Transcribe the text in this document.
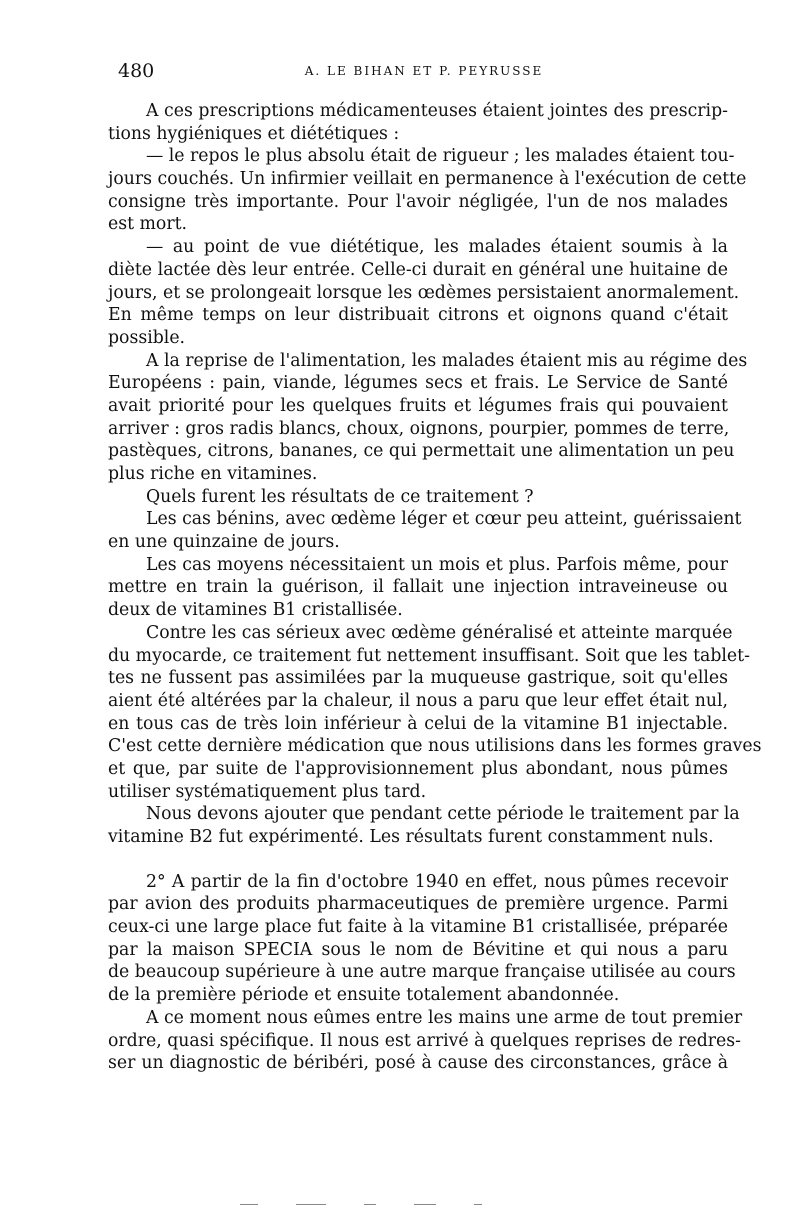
480	A. LE BIHAN ET P. PEYRUSSE
A ces prescriptions médicamenteuses étaient jointes des prescrip-
tions hygiéniques et diététiques :
— le repos le plus absolu était de rigueur ; les malades étaient tou-
jours couchés. Un infirmier veillait en permanence à l'exécution de cette
consigne très importante. Pour l'avoir négligée, l'un de nos malades
est mort.
— au point de vue diététique, les malades étaient soumis à la
diète lactée dès leur entrée. Celle-ci durait en général une huitaine de
jours, et se prolongeait lorsque les œdèmes persistaient anormalement.
En même temps on leur distribuait citrons et oignons quand c'était
possible.
A la reprise de l'alimentation, les malades étaient mis au régime des
Européens : pain, viande, légumes secs et frais. Le Service de Santé
avait priorité pour les quelques fruits et légumes frais qui pouvaient
arriver : gros radis blancs, choux, oignons, pourpier, pommes de terre,
pastèques, citrons, bananes, ce qui permettait une alimentation un peu
plus riche en vitamines.
Quels furent les résultats de ce traitement ?
Les cas bénins, avec œdème léger et cœur peu atteint, guérissaient
en une quinzaine de jours.
Les cas moyens nécessitaient un mois et plus. Parfois même, pour
mettre en train la guérison, il fallait une injection intraveineuse ou
deux de vitamines B1 cristallisée.
Contre les cas sérieux avec œdème généralisé et atteinte marquée
du myocarde, ce traitement fut nettement insuffisant. Soit que les tablet-
tes ne fussent pas assimilées par la muqueuse gastrique, soit qu'elles
aient été altérées par la chaleur, il nous a paru que leur effet était nul,
en tous cas de très loin inférieur à celui de la vitamine B1 injectable.
C'est cette dernière médication que nous utilisions dans les formes graves
et que, par suite de l'approvisionnement plus abondant, nous pûmes
utiliser systématiquement plus tard.
Nous devons ajouter que pendant cette période le traitement par la
vitamine B2 fut expérimenté. Les résultats furent constamment nuls.
2° A partir de la fin d'octobre 1940 en effet, nous pûmes recevoir
par avion des produits pharmaceutiques de première urgence. Parmi
ceux-ci une large place fut faite à la vitamine B1 cristallisée, préparée
par la maison SPECIA sous le nom de Bévitine et qui nous a paru
de beaucoup supérieure à une autre marque française utilisée au cours
de la première période et ensuite totalement abandonnée.
A ce moment nous eûmes entre les mains une arme de tout premier
ordre, quasi spécifique. Il nous est arrivé à quelques reprises de redres-
ser un diagnostic de béribéri, posé à cause des circonstances, grâce à
